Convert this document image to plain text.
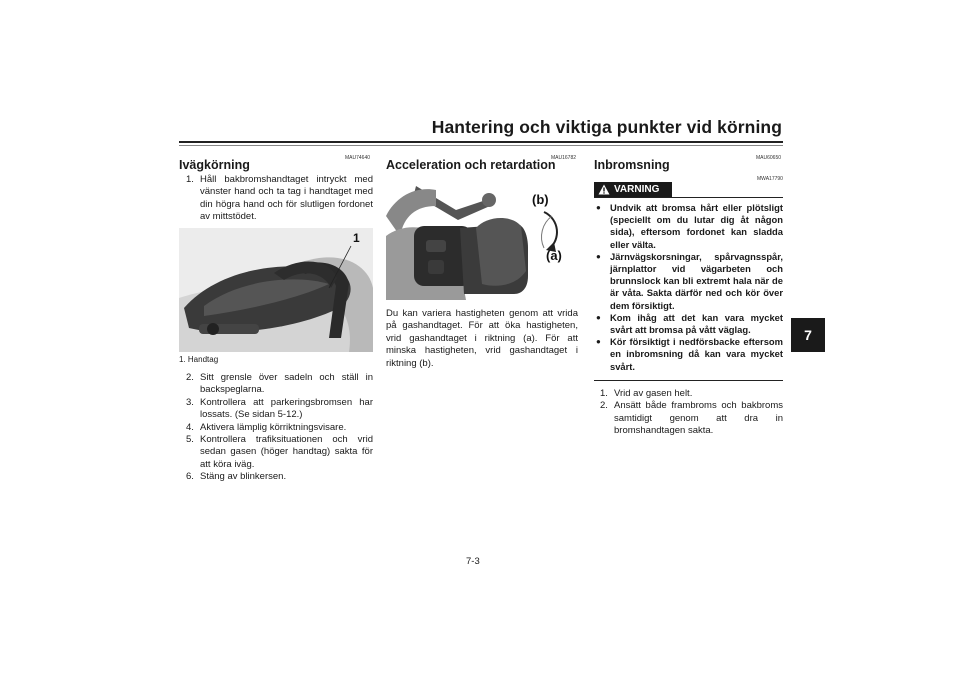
Hantering och viktiga punkter vid körning
7
MAU74640
Ivägkörning
1. Håll bakbromshandtaget intryckt med vänster hand och ta tag i handtaget med din högra hand och för slutligen fordonet av mittstödet.
1
1. Handtag
2. Sitt grensle över sadeln och ställ in backspeglarna.
3. Kontrollera att parkeringsbromsen har lossats. (Se sidan 5-12.)
4. Aktivera lämplig körriktningsvisare.
5. Kontrollera trafiksituationen och vrid sedan gasen (höger handtag) sakta för att köra iväg.
6. Stäng av blinkersen.
MAU16782
Acceleration och retardation
(b)
(a)
Du kan variera hastigheten genom att vrida på gashandtaget. För att öka hastigheten, vrid gashandtaget i riktning (a). För att minska hastigheten, vrid gashandtaget i riktning (b).
MAU60650
Inbromsning
VARNING
MWA17790
● Undvik att bromsa hårt eller plötsligt (speciellt om du lutar dig åt någon sida), eftersom fordonet kan sladda eller välta.
● Järnvägskorsningar, spårvagnsspår, järnplattor vid vägarbeten och brunnslock kan bli extremt hala när de är våta. Sakta därför ned och kör över dem försiktigt.
● Kom ihåg att det kan vara mycket svårt att bromsa på vått väglag.
● Kör försiktigt i nedförsbacke eftersom en inbromsning då kan vara mycket svårt.
1. Vrid av gasen helt.
2. Ansätt både frambroms och bakbroms samtidigt genom att dra in bromshandtagen sakta.
7-3
